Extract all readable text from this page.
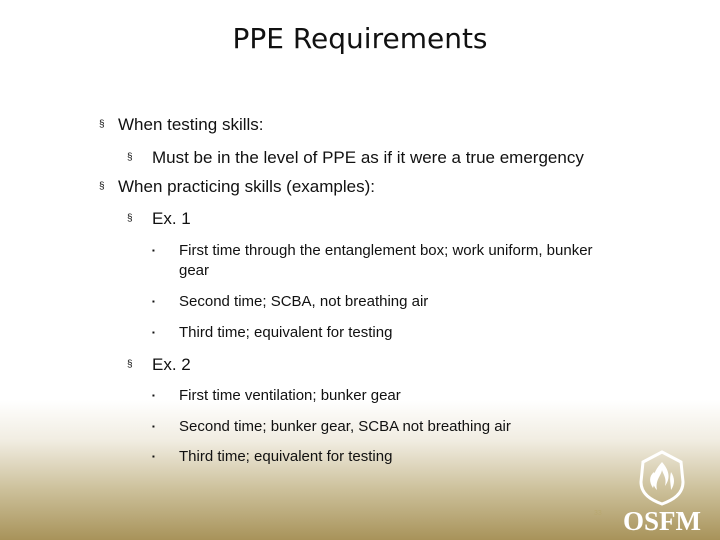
PPE Requirements
§ When testing skills:
§ Must be in the level of PPE as if it were a true emergency
§ When practicing skills (examples):
§ Ex. 1
▪ First time through the entanglement box; work uniform, bunker gear
▪ Second time; SCBA, not breathing air
▪ Third time; equivalent for testing
§ Ex. 2
▪ First time ventilation; bunker gear
▪ Second time; bunker gear, SCBA not breathing air
▪ Third time; equivalent for testing
33 OSFM
